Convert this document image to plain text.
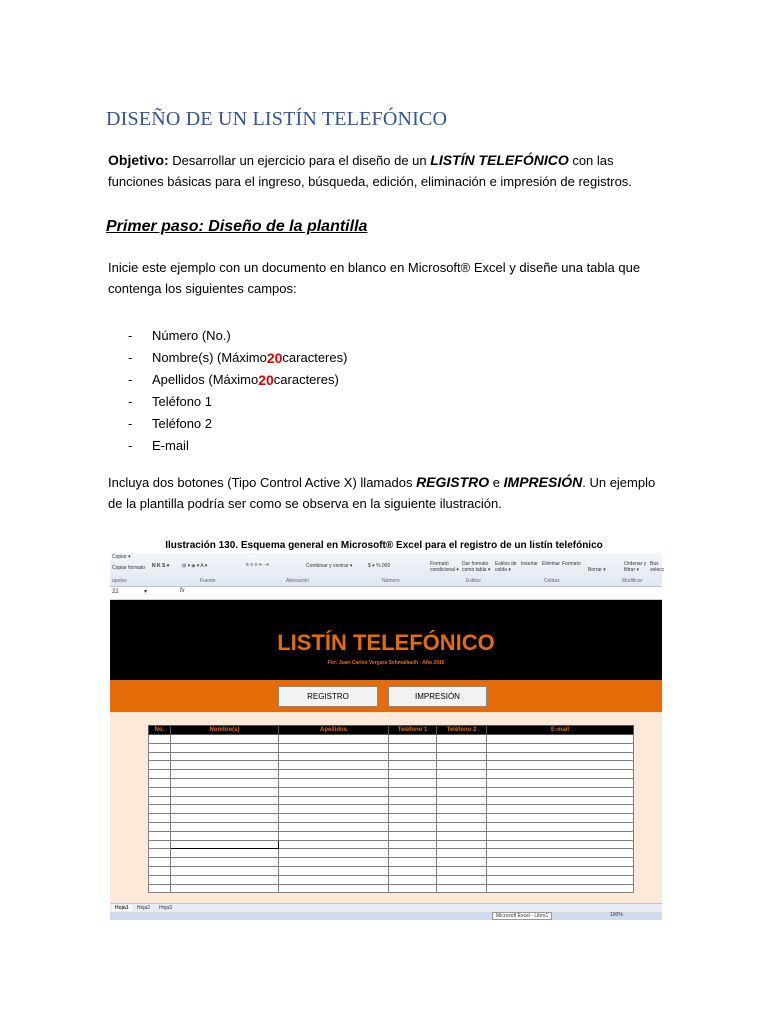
DISEÑO DE UN LISTÍN TELEFÓNICO
Objetivo: Desarrollar un ejercicio para el diseño de un LISTÍN TELEFÓNICO con las funciones básicas para el ingreso, búsqueda, edición, eliminación e impresión de registros.
Primer paso: Diseño de la plantilla
Inicie este ejemplo con un documento en blanco en Microsoft® Excel y diseñe una tabla que contenga los siguientes campos:
-	Número (No.)
-	Nombre(s) (Máximo 20 caracteres)
-	Apellidos (Máximo 20 caracteres)
-	Teléfono 1
-	Teléfono 2
-	E-mail
Incluya dos botones (Tipo Control Active X) llamados REGISTRO e IMPRESIÓN. Un ejemplo de la plantilla podría ser como se observa en la siguiente ilustración.
Ilustración 130. Esquema general en Microsoft® Excel para el registro de un listín telefónico
Copiar ▾
Copiar formato N K S ▾	⊞ ▾ ◈ ▾ A ▾	≡ ≡ ≡ ⇤ ⇥	Combinar y centrar ▾	$ ▾ % 000	Formato condicional ▾
Dar formato como tabla ▾
Estilos de celda ▾
Insertar Eliminar Formato
Borrar ▾
Ordenar y filtrar ▾
Bus selecc
apeles	Fuente	Alineación	Número	Estilos	Celdas	Modificar
22	▾	fx
LISTÍN TELEFÓNICO
Por: Juan Carlos Vergara Schmalbach - Año 2010
REGISTRO	IMPRESIÓN
No.	Nombre(s)	Apellidos	Teléfono 1	Teléfono 2	E-mail

Hoja1	Hoja2	Hoja3
Microsoft Excel - Libro1	100%
